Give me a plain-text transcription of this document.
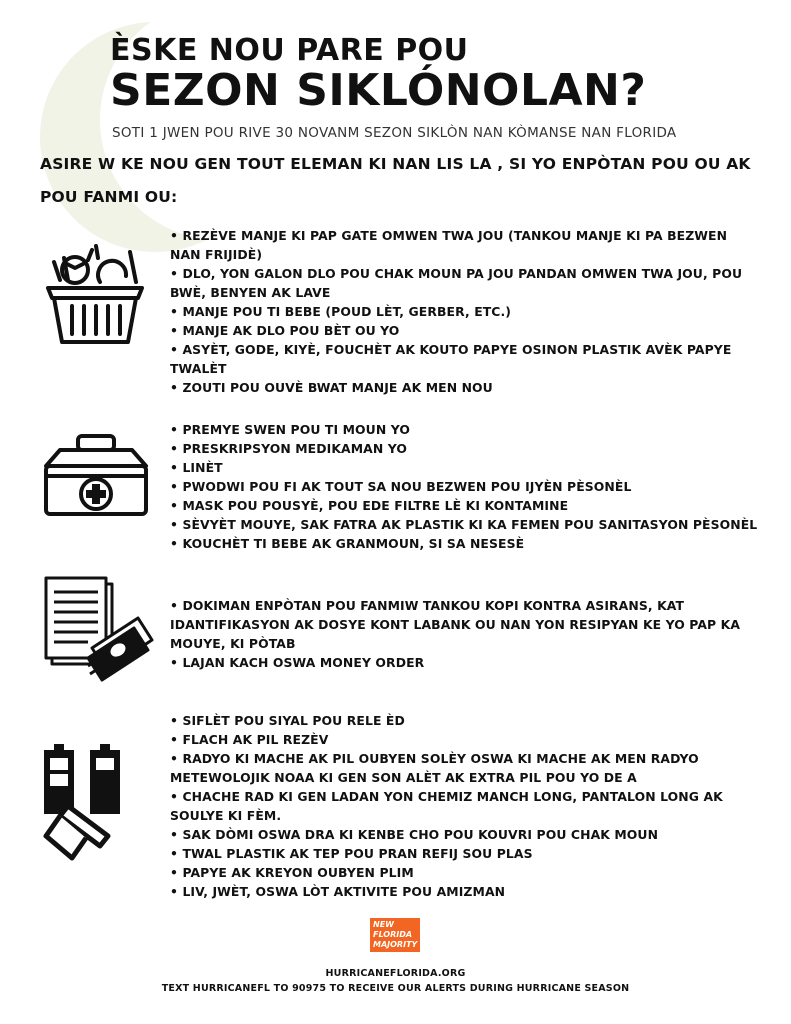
ÈSKE NOU PARE POU
SEZON SIKLÓNOLAN?
SOTI 1 JWEN POU RIVE 30 NOVANM SEZON SIKLÒN NAN KÒMANSE NAN FLORIDA
ASIRE W KE NOU GEN TOUT ELEMAN KI NAN LIS LA , SI YO ENPÒTAN POU OU AK POU FANMI OU:
• REZÈVE MANJE KI PAP GATE OMWEN TWA JOU (TANKOU MANJE KI PA BEZWEN NAN FRIJIDÈ)
• DLO, YON GALON DLO POU CHAK MOUN PA JOU PANDAN OMWEN TWA JOU, POU BWÈ, BENYEN AK LAVE
• MANJE POU TI BEBE (POUD LÈT, GERBER, ETC.)
• MANJE AK DLO POU BÈT OU YO
• ASYÈT, GODE, KIYÈ, FOUCHÈT AK KOUTO PAPYE OSINON PLASTIK AVÈK PAPYE TWALÈT
• ZOUTI POU OUVÈ BWAT MANJE AK MEN NOU
• PREMYE SWEN POU TI MOUN YO
• PRESKRIPSYON MEDIKAMAN YO
• LINÈT
• PWODWI POU FI AK TOUT SA NOU BEZWEN POU IJYÈN PÈSONÈL
• MASK POU POUSYÈ, POU EDE FILTRE LÈ KI KONTAMINE
• SÈVYÈT MOUYE, SAK FATRA AK PLASTIK KI KA FEMEN POU SANITASYON PÈSONÈL
• KOUCHÈT TI BEBE AK GRANMOUN, SI SA NESESÈ
• DOKIMAN ENPÒTAN POU FANMIW TANKOU KOPI KONTRA ASIRANS, KAT IDANTIFIKASYON AK DOSYE KONT LABANK OU NAN YON RESIPYAN KE YO PAP KA MOUYE, KI PÒTAB
• LAJAN KACH OSWA MONEY ORDER
• SIFLÈT POU SIYAL POU RELE ÈD
• FLACH AK PIL REZÈV
• RADYO KI MACHE AK PIL OUBYEN SOLÈY OSWA KI MACHE AK MEN RADYO METEWOLOJIK NOAA KI GEN SON ALÈT AK EXTRA PIL POU YO DE A
• CHACHE RAD KI GEN LADAN YON CHEMIZ MANCH LONG, PANTALON LONG AK SOULYE KI FÈM.
• SAK DÒMI OSWA DRA KI KENBE CHO POU KOUVRI POU CHAK MOUN
• TWAL PLASTIK AK TEP POU PRAN REFIJ SOU PLAS
• PAPYE AK KREYON OUBYEN PLIM
• LIV, JWÈT, OSWA LÒT AKTIVITE POU AMIZMAN
NEW
FLORIDA
MAJORITY
HURRICANEFLORIDA.ORG
TEXT HURRICANEFL TO 90975 TO RECEIVE OUR ALERTS DURING HURRICANE SEASON
